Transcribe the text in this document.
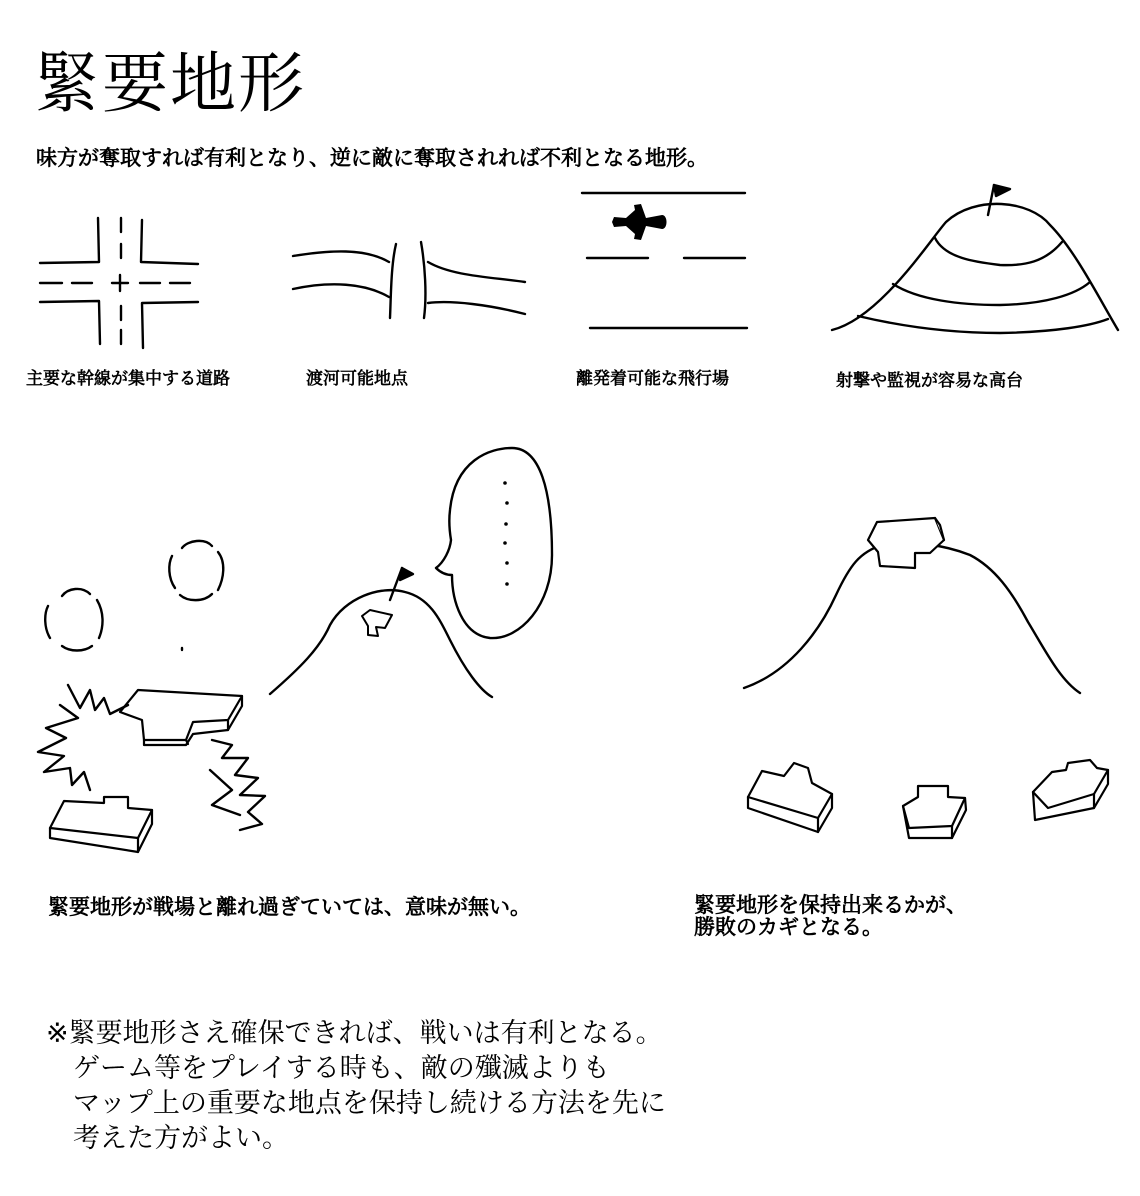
緊要地形
味方が奪取すれば有利となり、逆に敵に奪取されれば不利となる地形。
主要な幹線が集中する道路	渡河可能地点	離発着可能な飛行場	射撃や監視が容易な高台
緊要地形が戦場と離れ過ぎていては、意味が無い。	緊要地形を保持出来るかが、
勝敗のカギとなる。
※緊要地形さえ確保できれば、戦いは有利となる。
　ゲーム等をプレイする時も、敵の殲滅よりも
　マップ上の重要な地点を保持し続ける方法を先に
　考えた方がよい。
